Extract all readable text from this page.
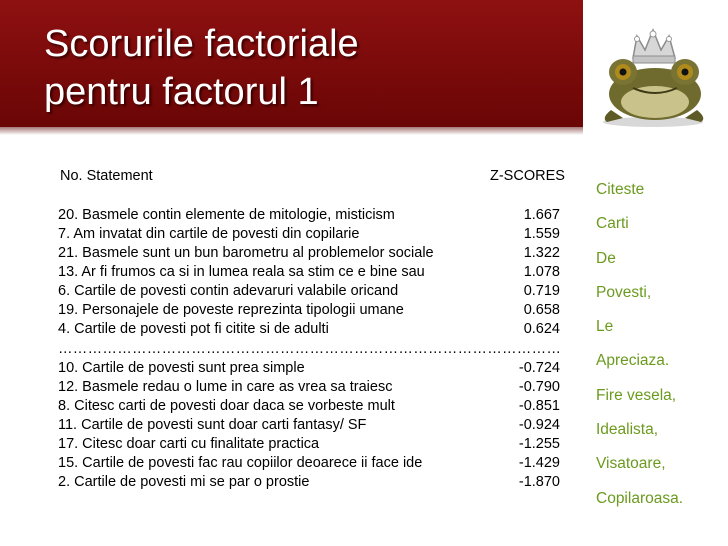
Scorurile factoriale
pentru factorul 1
No. Statement	Z-SCORES
20. Basmele contin elemente de mitologie, misticism	1.667
7. Am invatat din cartile de povesti din copilarie	1.559
21. Basmele sunt un bun barometru al problemelor sociale	1.322
13. Ar fi frumos ca si in lumea reala sa stim ce e bine sau	1.078
6. Cartile de povesti contin adevaruri valabile oricand	0.719
19. Personajele de poveste reprezinta tipologii umane	0.658
4. Cartile de povesti pot fi citite si de adulti	0.624
…………………………………………………………………………………………
10. Cartile de povesti sunt prea simple	-0.724
12. Basmele redau o lume in care as vrea sa traiesc	-0.790
8. Citesc carti de povesti doar daca se vorbeste mult	-0.851
11. Cartile de povesti sunt doar carti fantasy/ SF	-0.924
17. Citesc doar carti cu finalitate practica	-1.255
15. Cartile de povesti fac rau copiilor deoarece ii face ide	-1.429
2. Cartile de povesti mi se par o prostie	-1.870
Citeste
Carti
De
Povesti,
Le
Apreciaza.
Fire vesela,
Idealista,
Visatoare,
Copilaroasa.
